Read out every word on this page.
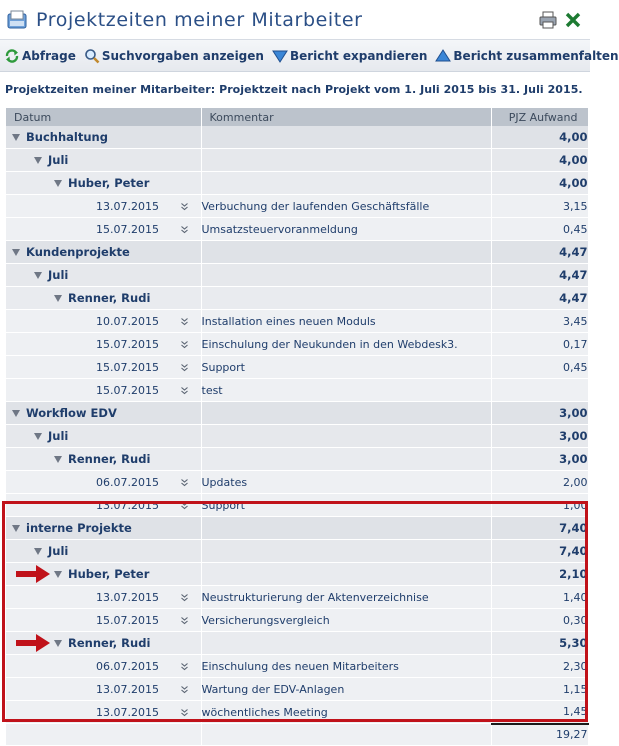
Projektzeiten meiner Mitarbeiter
Abfrage Suchvorgaben anzeigen Bericht expandieren Bericht zusammenfalten
Projektzeiten meiner Mitarbeiter: Projektzeit nach Projekt vom 1. Juli 2015 bis 31. Juli 2015.
Datum	Kommentar	PJZ Aufwand

Buchhaltung		4,00

Juli		4,00

Huber, Peter		4,00

13.07.2015	Verbuchung der laufenden Geschäftsfälle	3,15

15.07.2015	Umsatzsteuervoranmeldung	0,45

Kundenprojekte		4,47

Juli		4,47

Renner, Rudi		4,47

10.07.2015	Installation eines neuen Moduls	3,45

15.07.2015	Einschulung der Neukunden in den Webdesk3.	0,17

15.07.2015	Support	0,45

15.07.2015	test	

Workflow EDV		3,00

Juli		3,00

Renner, Rudi		3,00

06.07.2015	Updates	2,00

13.07.2015	Support	1,00

interne Projekte		7,40

Juli		7,40

Huber, Peter		2,10

13.07.2015	Neustrukturierung der Aktenverzeichnise	1,40

15.07.2015	Versicherungsvergleich	0,30

Renner, Rudi		5,30

06.07.2015	Einschulung des neuen Mitarbeiters	2,30

13.07.2015	Wartung der EDV-Anlagen	1,15

13.07.2015	wöchentliches Meeting	1,45
		19,27
